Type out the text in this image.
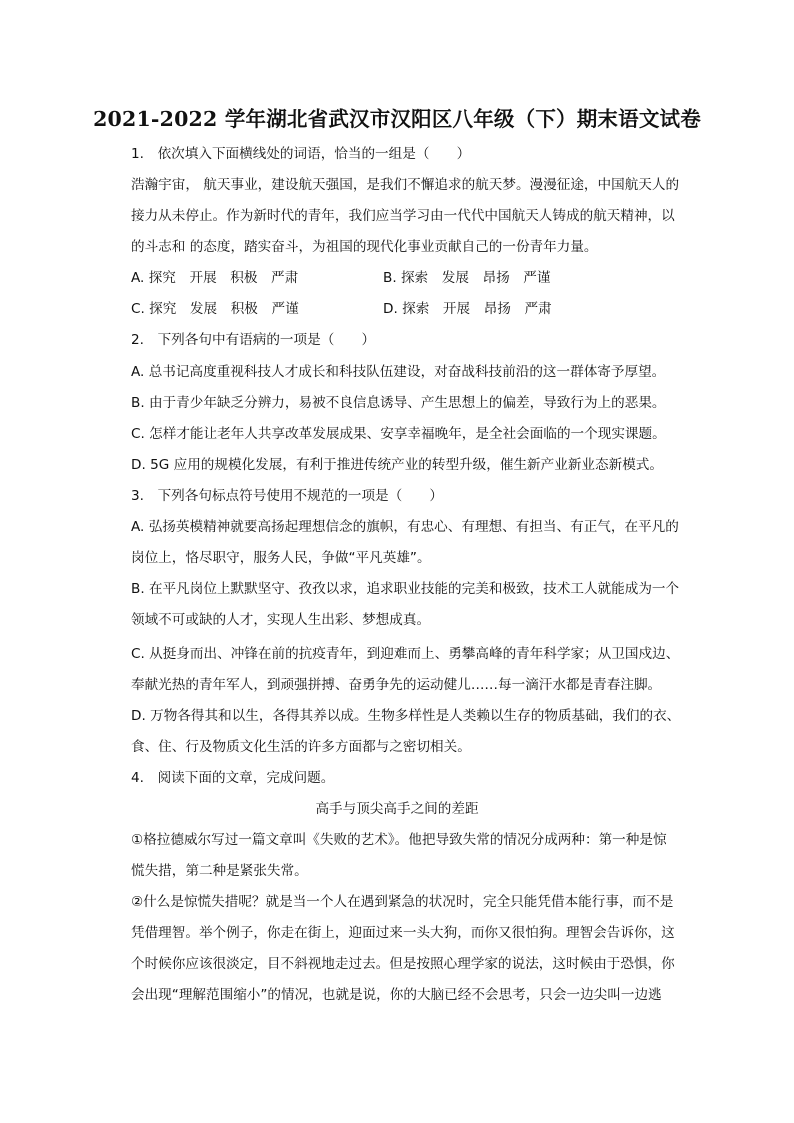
2021-2022 学年湖北省武汉市汉阳区八年级（下）期末语文试卷
1.　依次填入下面横线处的词语，恰当的一组是（　　）
浩瀚宇宙， 航天事业，建设航天强国，是我们不懈追求的航天梦。漫漫征途，中国航天人的
接力从未停止。作为新时代的青年，我们应当学习由一代代中国航天人铸成的航天精神，以
的斗志和 的态度，踏实奋斗，为祖国的现代化事业贡献自己的一份青年力量。
A. 探究　开展　积极　严肃	B. 探索　发展　昂扬　严谨
C. 探究　发展　积极　严谨	D. 探索　开展　昂扬　严肃
2.　下列各句中有语病的一项是（　　）
A. 总书记高度重视科技人才成长和科技队伍建设，对奋战科技前沿的这一群体寄予厚望。
B. 由于青少年缺乏分辨力，易被不良信息诱导、产生思想上的偏差，导致行为上的恶果。
C. 怎样才能让老年人共享改革发展成果、安享幸福晚年，是全社会面临的一个现实课题。
D. 5G 应用的规模化发展，有利于推进传统产业的转型升级，催生新产业新业态新模式。
3.　下列各句标点符号使用不规范的一项是（　　）
A. 弘扬英模精神就要高扬起理想信念的旗帜，有忠心、有理想、有担当、有正气，在平凡的
岗位上，恪尽职守，服务人民，争做“平凡英雄”。
B. 在平凡岗位上默默坚守、孜孜以求，追求职业技能的完美和极致，技术工人就能成为一个
领域不可或缺的人才，实现人生出彩、梦想成真。
C. 从挺身而出、冲锋在前的抗疫青年，到迎难而上、勇攀高峰的青年科学家；从卫国戍边、
奉献光热的青年军人，到顽强拼搏、奋勇争先的运动健儿……每一滴汗水都是青春注脚。
D. 万物各得其和以生，各得其养以成。生物多样性是人类赖以生存的物质基础，我们的衣、
食、住、行及物质文化生活的许多方面都与之密切相关。
4.　阅读下面的文章，完成问题。
高手与顶尖高手之间的差距
①格拉德威尔写过一篇文章叫《失败的艺术》。他把导致失常的情况分成两种：第一种是惊
慌失措，第二种是紧张失常。
②什么是惊慌失措呢？就是当一个人在遇到紧急的状况时，完全只能凭借本能行事，而不是
凭借理智。举个例子，你走在街上，迎面过来一头大狗，而你又很怕狗。理智会告诉你，这
个时候你应该很淡定，目不斜视地走过去。但是按照心理学家的说法，这时候由于恐惧，你
会出现“理解范围缩小”的情况，也就是说，你的大脑已经不会思考，只会一边尖叫一边逃
